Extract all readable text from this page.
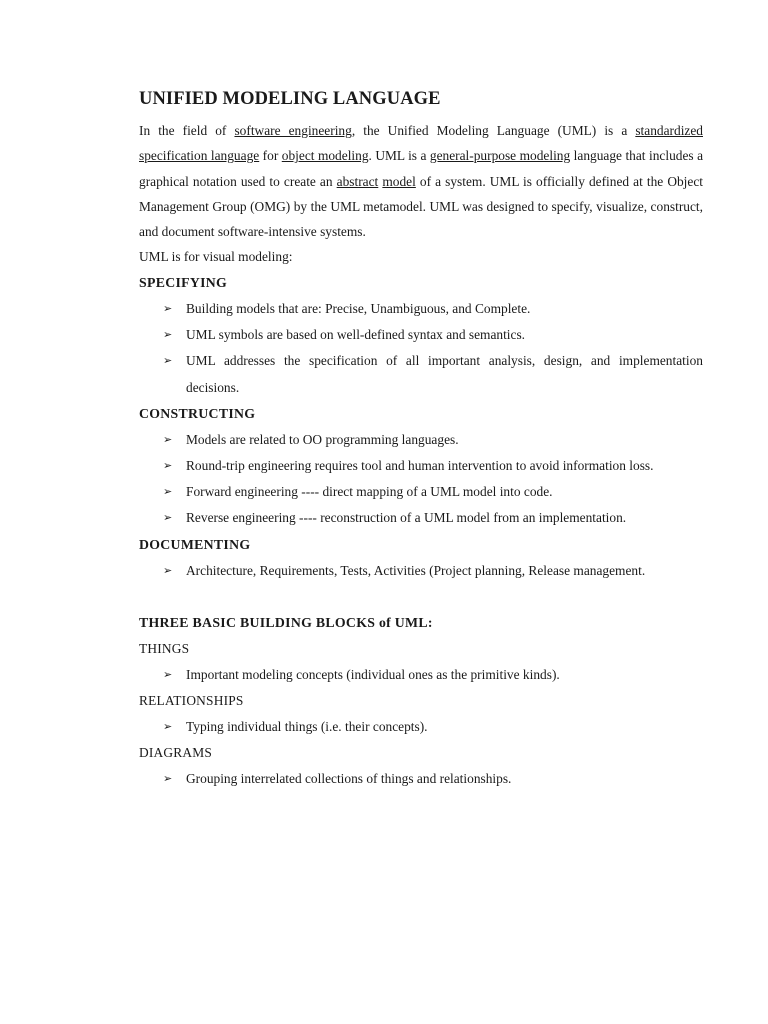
UNIFIED MODELING LANGUAGE

In the field of software engineering, the Unified Modeling Language (UML) is a standardized specification language for object modeling. UML is a general-purpose modeling language that includes a graphical notation used to create an abstract model of a system. UML is officially defined at the Object Management Group (OMG) by the UML metamodel. UML was designed to specify, visualize, construct, and document software-intensive systems.

UML is for visual modeling:

SPECIFYING
➢ Building models that are: Precise, Unambiguous, and Complete.
➢ UML symbols are based on well-defined syntax and semantics.
➢ UML addresses the specification of all important analysis, design, and implementation decisions.
CONSTRUCTING
➢ Models are related to OO programming languages.
➢ Round-trip engineering requires tool and human intervention to avoid information loss.
➢ Forward engineering ---- direct mapping of a UML model into code.
➢ Reverse engineering ---- reconstruction of a UML model from an implementation.
DOCUMENTING
➢ Architecture, Requirements, Tests, Activities (Project planning, Release management.
THREE BASIC BUILDING BLOCKS of UML:

THINGS

➢ Important modeling concepts (individual ones as the primitive kinds).

RELATIONSHIPS

➢ Typing individual things (i.e. their concepts).

DIAGRAMS

➢ Grouping interrelated collections of things and relationships.
